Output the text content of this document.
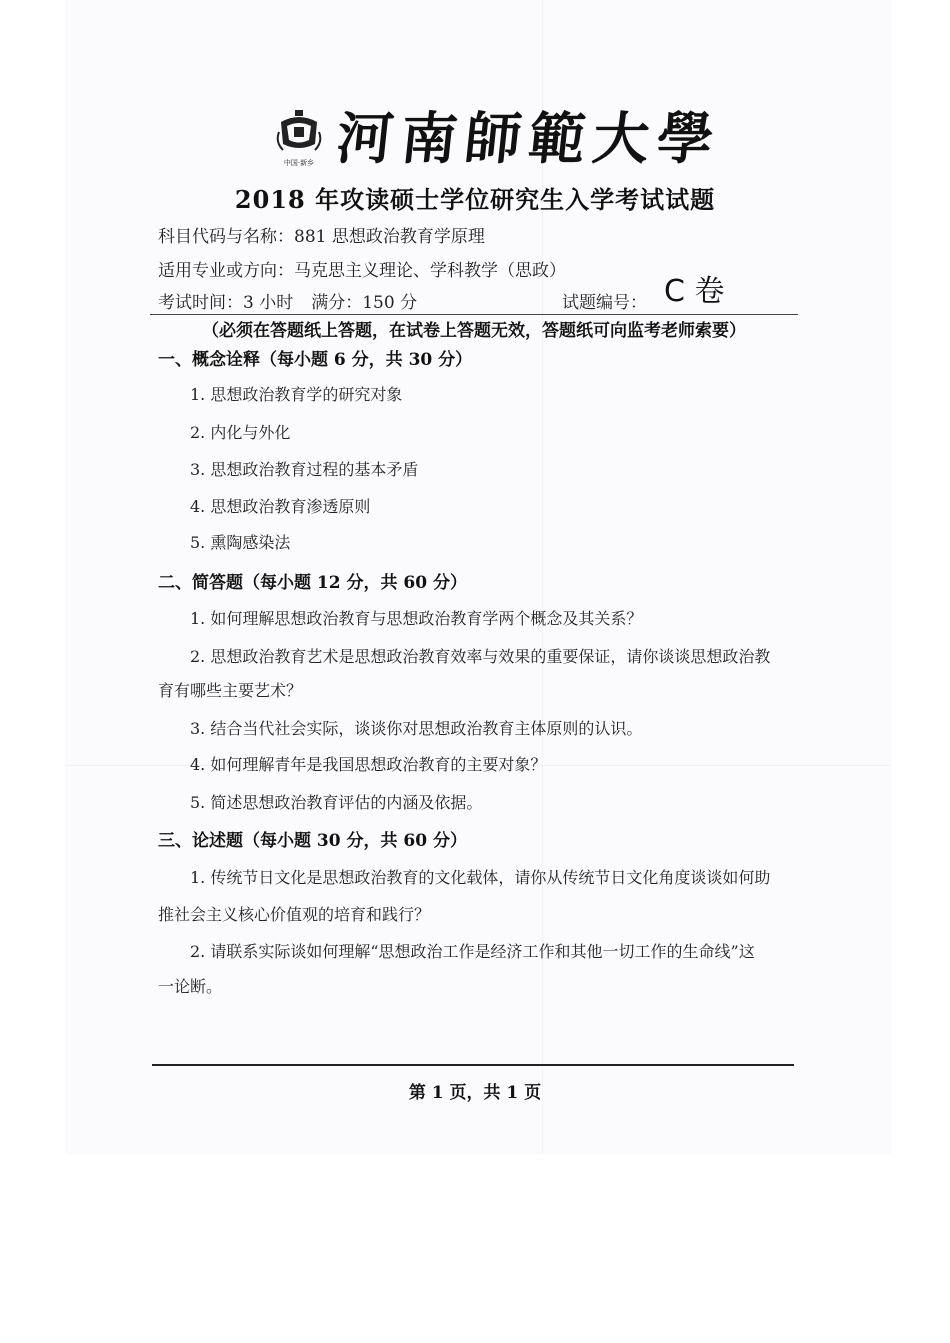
中国·新乡 河南師範大學
2018 年攻读硕士学位研究生入学考试试题
科目代码与名称：881 思想政治教育学原理
适用专业或方向：马克思主义理论、学科教学（思政）
考试时间：3 小时 满分：150 分	试题编号： C 卷
（必须在答题纸上答题，在试卷上答题无效，答题纸可向监考老师索要）
一、概念诠释（每小题 6 分，共 30 分）
1. 思想政治教育学的研究对象
2. 内化与外化
3. 思想政治教育过程的基本矛盾
4. 思想政治教育渗透原则
5. 熏陶感染法
二、简答题（每小题 12 分，共 60 分）
1. 如何理解思想政治教育与思想政治教育学两个概念及其关系？
2. 思想政治教育艺术是思想政治教育效率与效果的重要保证，请你谈谈思想政治教
育有哪些主要艺术？
3. 结合当代社会实际，谈谈你对思想政治教育主体原则的认识。
4. 如何理解青年是我国思想政治教育的主要对象？
5. 简述思想政治教育评估的内涵及依据。
三、论述题（每小题 30 分，共 60 分）
1. 传统节日文化是思想政治教育的文化载体，请你从传统节日文化角度谈谈如何助
推社会主义核心价值观的培育和践行？
2. 请联系实际谈如何理解“思想政治工作是经济工作和其他一切工作的生命线”这
一论断。
第 1 页，共 1 页
